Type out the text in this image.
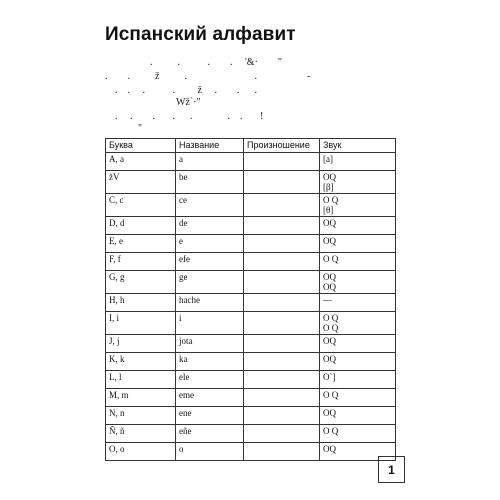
Испанский алфавит
.          .           .        .     '&·        "
.        .          ž          .                           .                    -
.    .     .           .         ž     .        .      .
Wž`·"
.     .        .       .      .              .    .       !
"
Буква	Название	Произношение	Звук
A, a	a		[a]

žV	be		OQ
[β]

C, c	ce		O Q
[θ]

D, d	de		OQ

E, e	e		OQ

F, f	efe		O Q

G, g	ge		OQ
OQ

H, h	hache		—

I, i	i		O Q
O Q

J, j	jota		OQ

K, k	ka		OQ

L, l	ele		O`]

M, m	eme		O Q

N, n	ene		OQ

Ñ, ñ	eñe		O Q

O, o	o		OQ
1
